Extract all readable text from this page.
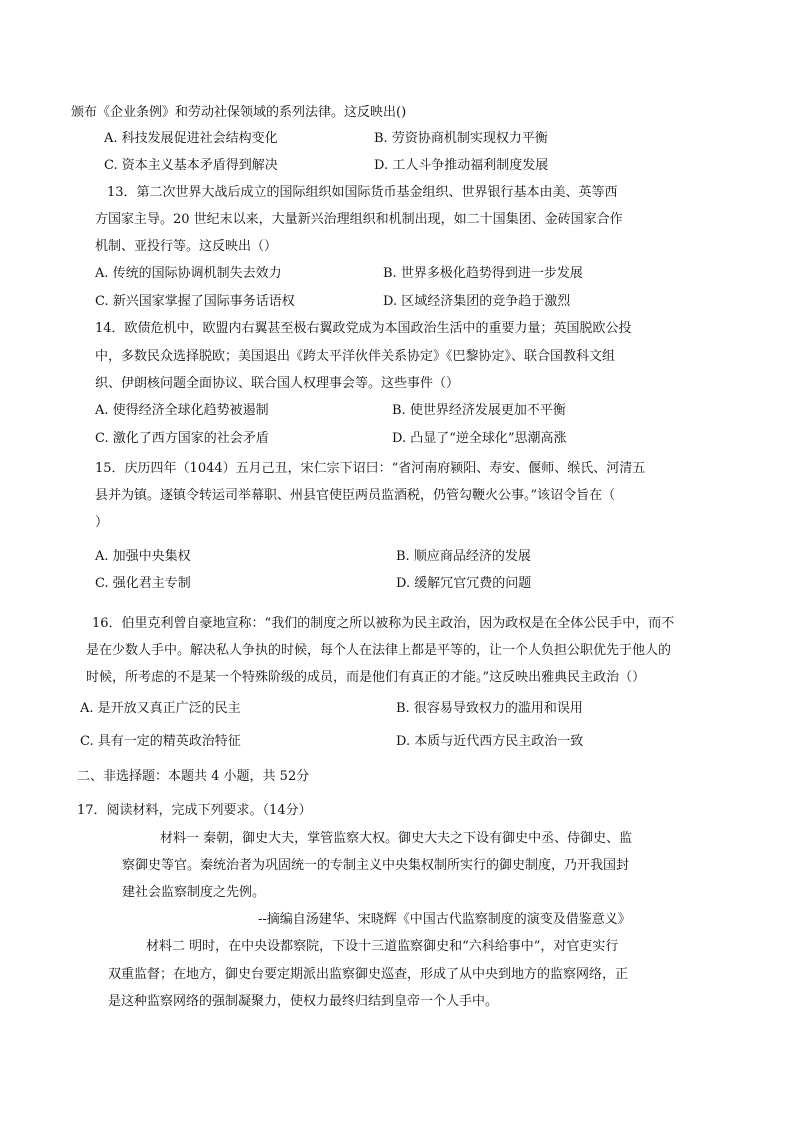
颁布《企业条例》和劳动社保领域的系列法律。这反映出()
A. 科技发展促进社会结构变化	B. 劳资协商机制实现权力平衡
C. 资本主义基本矛盾得到解决	D. 工人斗争推动福利制度发展
13．第二次世界大战后成立的国际组织如国际货币基金组织、世界银行基本由美、英等西
方国家主导。20 世纪末以来，大量新兴治理组织和机制出现，如二十国集团、金砖国家合作
机制、亚投行等。这反映出（）
A. 传统的国际协调机制失去效力	B. 世界多极化趋势得到进一步发展
C. 新兴国家掌握了国际事务话语权	D. 区域经济集团的竞争趋于激烈
14．欧债危机中，欧盟内右翼甚至极右翼政党成为本国政治生活中的重要力量；英国脱欧公投
中，多数民众选择脱欧；美国退出《跨太平洋伙伴关系协定》《巴黎协定》、联合国教科文组
织、伊朗核问题全面协议、联合国人权理事会等。这些事件（）
A. 使得经济全球化趋势被遏制	B. 使世界经济发展更加不平衡
C. 激化了西方国家的社会矛盾	D. 凸显了“逆全球化”思潮高涨
15．庆历四年（1044）五月己丑，宋仁宗下诏曰：“省河南府颍阳、寿安、偃师、缑氏、河清五
县并为镇。逐镇令转运司举幕职、州县官使臣两员监酒税，仍管勾鞭火公事。”该诏令旨在（
）
A. 加强中央集权	B. 顺应商品经济的发展
C. 强化君主专制	D. 缓解冗官冗费的问题
16．伯里克利曾自豪地宣称：“我们的制度之所以被称为民主政治，因为政权是在全体公民手中，而不
是在少数人手中。解决私人争执的时候，每个人在法律上都是平等的，让一个人负担公职优先于他人的
时候，所考虑的不是某一个特殊阶级的成员，而是他们有真正的才能。”这反映出雅典民主政治（）
A. 是开放又真正广泛的民主	B. 很容易导致权力的滥用和误用
C. 具有一定的精英政治特征	D. 本质与近代西方民主政治一致
二、非选择题：本题共 4 小题，共 52分
17．阅读材料，完成下列要求。（14分）
材料一 秦朝，御史大夫，掌管监察大权。御史大夫之下设有御史中丞、侍御史、监
察御史等官。秦统治者为巩固统一的专制主义中央集权制所实行的御史制度，乃开我国封
建社会监察制度之先例。
--摘编自汤建华、宋晓辉《中国古代监察制度的演变及借鉴意义》
材料二 明时，在中央设都察院，下设十三道监察御史和“六科给事中”，对官吏实行
双重监督；在地方，御史台要定期派出监察御史巡查，形成了从中央到地方的监察网络，正
是这种监察网络的强制凝聚力，使权力最终归结到皇帝一个人手中。
